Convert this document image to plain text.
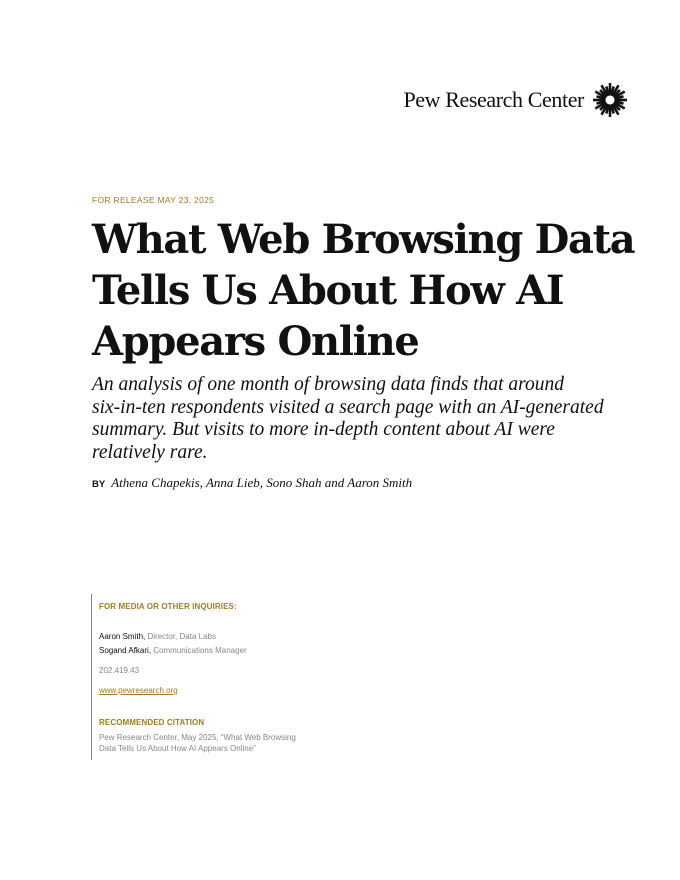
Pew Research Center
FOR RELEASE MAY 23, 2025
What Web Browsing Data
Tells Us About How AI
Appears Online
An analysis of one month of browsing data finds that around
six-in-ten respondents visited a search page with an AI-generated
summary. But visits to more in-depth content about AI were
relatively rare.
BY Athena Chapekis, Anna Lieb, Sono Shah and Aaron Smith
FOR MEDIA OR OTHER INQUIRIES:
Aaron Smith, Director, Data Labs
Sogand Afkari, Communications Manager
202.419.43
www.pewresearch.org
RECOMMENDED CITATION
Pew Research Center, May 2025, “What Web Browsing
Data Tells Us About How AI Appears Online”
